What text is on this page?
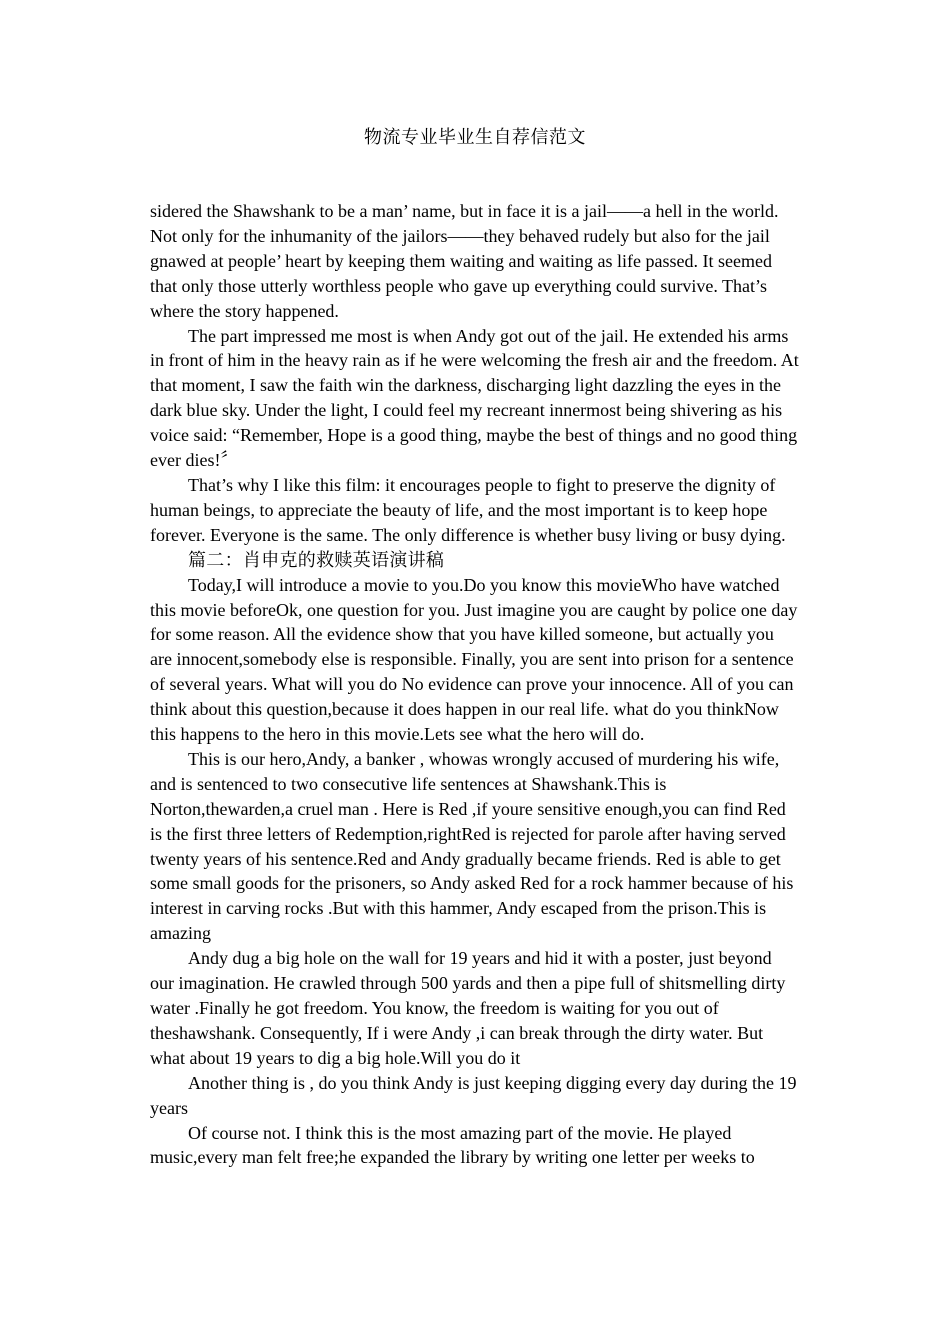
物流专业毕业生自荐信范文

sidered the Shawshank to be a man’ name, but in face it is a jail——a hell in the world. Not only for the inhumanity of the jailors——they behaved rudely but also for the jail gnawed at people’ heart by keeping them waiting and waiting as life passed. It seemed that only those utterly worthless people who gave up everything could survive. That’s where the story happened.

The part impressed me most is when Andy got out of the jail. He extended his arms in front of him in the heavy rain as if he were welcoming the fresh air and the freedom. At that moment, I saw the faith win the darkness, discharging light dazzling the eyes in the dark blue sky. Under the light, I could feel my recreant innermost being shivering as his voice said: “Remember, Hope is a good thing, maybe the best of things and no good thing ever dies!〞

That’s why I like this film: it encourages people to fight to preserve the dignity of human beings, to appreciate the beauty of life, and the most important is to keep hope forever. Everyone is the same. The only difference is whether busy living or busy dying.

篇二：肖申克的救赎英语演讲稿

Today,I will introduce a movie to you.Do you know this movieWho have watched this movie beforeOk, one question for you. Just imagine you are caught by police one day for some reason. All the evidence show that you have killed someone, but actually you are innocent,somebody else is responsible. Finally, you are sent into prison for a sentence of several years. What will you do No evidence can prove your innocence. All of you can think about this question,because it does happen in our real life. what do you thinkNow this happens to the hero in this movie.Lets see what the hero will do.

This is our hero,Andy, a banker , whowas wrongly accused of murdering his wife, and is sentenced to two consecutive life sentences at Shawshank.This is Norton,thewarden,a cruel man . Here is Red ,if youre sensitive enough,you can find Red is the first three letters of Redemption,rightRed is rejected for parole after having served twenty years of his sentence.Red and Andy gradually became friends. Red is able to get some small goods for the prisoners, so Andy asked Red for a rock hammer because of his interest in carving rocks .But with this hammer, Andy escaped from the prison.This is amazing

Andy dug a big hole on the wall for 19 years and hid it with a poster, just beyond our imagination. He crawled through 500 yards and then a pipe full of shitsmelling dirty water .Finally he got freedom. You know, the freedom is waiting for you out of theshawshank. Consequently, If i were Andy ,i can break through the dirty water. But what about 19 years to dig a big hole.Will you do it

Another thing is , do you think Andy is just keeping digging every day during the 19 years

Of course not. I think this is the most amazing part of the movie. He played music,every man felt free;he expanded the library by writing one letter per weeks to
